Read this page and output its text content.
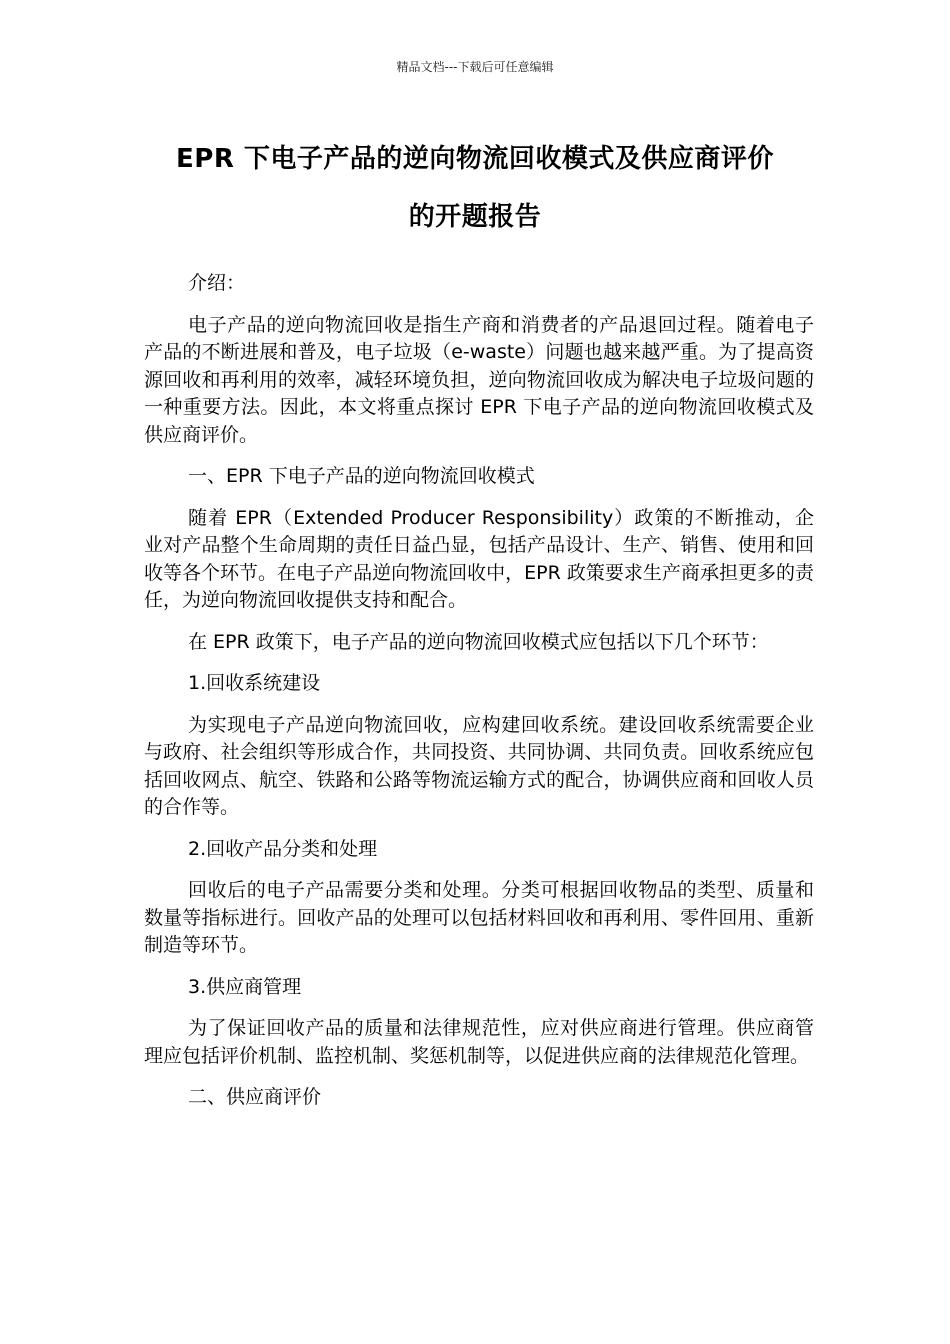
精品文档---下载后可任意编辑
EPR 下电子产品的逆向物流回收模式及供应商评价
的开题报告

介绍：

电子产品的逆向物流回收是指生产商和消费者的产品退回过程。随着电子产品的不断进展和普及，电子垃圾（e-waste）问题也越来越严重。为了提高资源回收和再利用的效率，减轻环境负担，逆向物流回收成为解决电子垃圾问题的一种重要方法。因此，本文将重点探讨 EPR 下电子产品的逆向物流回收模式及供应商评价。

一、EPR 下电子产品的逆向物流回收模式

随着 EPR（Extended Producer Responsibility）政策的不断推动，企业对产品整个生命周期的责任日益凸显，包括产品设计、生产、销售、使用和回收等各个环节。在电子产品逆向物流回收中，EPR 政策要求生产商承担更多的责任，为逆向物流回收提供支持和配合。

在 EPR 政策下，电子产品的逆向物流回收模式应包括以下几个环节：

1.回收系统建设

为实现电子产品逆向物流回收，应构建回收系统。建设回收系统需要企业与政府、社会组织等形成合作，共同投资、共同协调、共同负责。回收系统应包括回收网点、航空、铁路和公路等物流运输方式的配合，协调供应商和回收人员的合作等。

2.回收产品分类和处理

回收后的电子产品需要分类和处理。分类可根据回收物品的类型、质量和数量等指标进行。回收产品的处理可以包括材料回收和再利用、零件回用、重新制造等环节。

3.供应商管理

为了保证回收产品的质量和法律规范性，应对供应商进行管理。供应商管理应包括评价机制、监控机制、奖惩机制等，以促进供应商的法律规范化管理。

二、供应商评价
